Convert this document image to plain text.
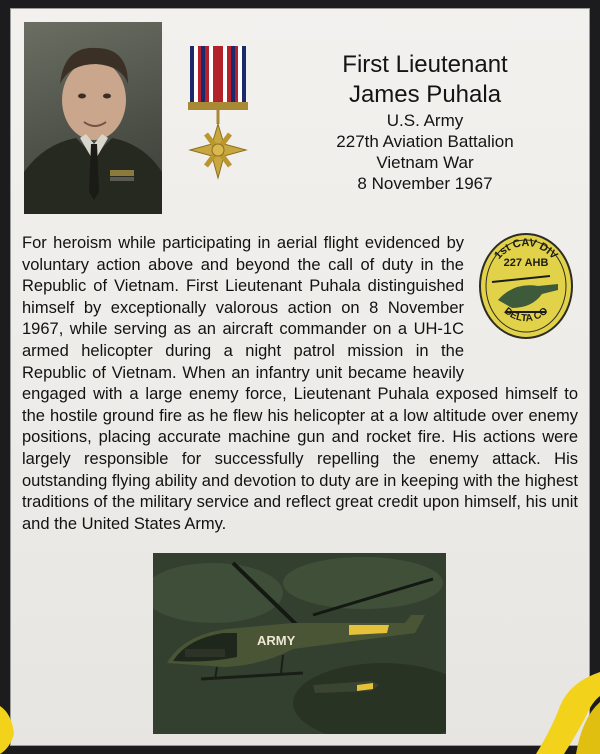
First Lieutenant
James Puhala
U.S. Army
227th Aviation Battalion
Vietnam War
8 November 1967
1st CAV DIV
227 AHB
DELTA CO

For heroism while participating in aerial flight evidenced by voluntary action above and beyond the call of duty in the Republic of Vietnam. First Lieutenant Puhala distinguished himself by exceptionally valorous action on 8 November 1967, while serving as an aircraft commander on a UH-1C armed helicopter during a night patrol mission in the Republic of Vietnam. When an infantry unit became heavily engaged with a large enemy force, Lieutenant Puhala exposed himself to the hostile ground fire as he flew his helicopter at a low altitude over enemy positions, placing accurate machine gun and rocket fire. His actions were largely responsible for successfully repelling the enemy attack. His outstanding flying ability and devotion to duty are in keeping with the highest traditions of the military service and reflect great credit upon himself, his unit and the United States Army.

ARMY
